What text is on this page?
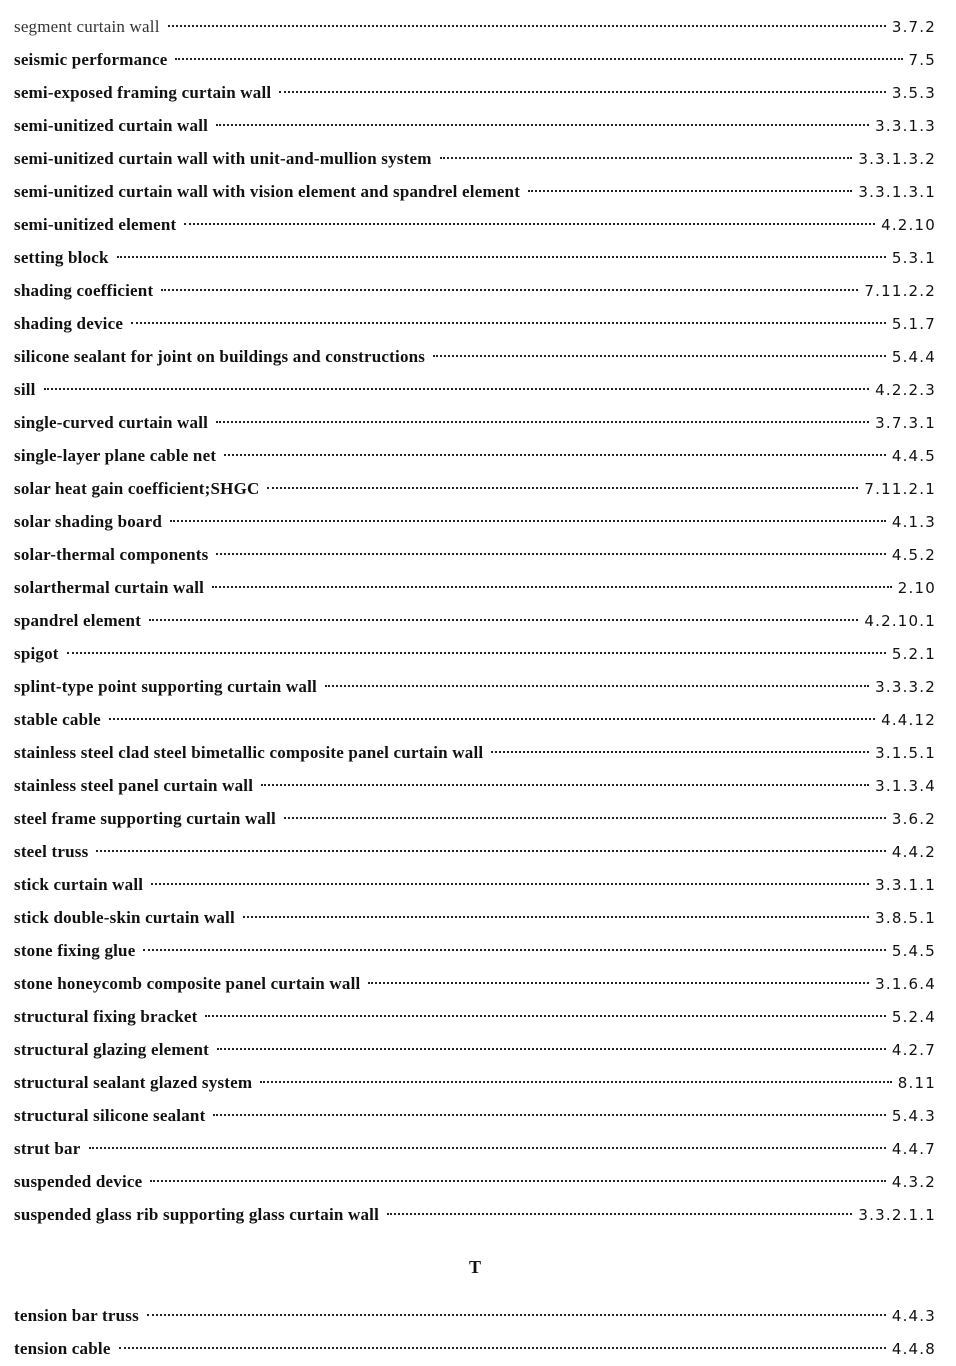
segment curtain wall	3.7.2
seismic performance	7.5
semi-exposed framing curtain wall	3.5.3
semi-unitized curtain wall	3.3.1.3
semi-unitized curtain wall with unit-and-mullion system	3.3.1.3.2
semi-unitized curtain wall with vision element and spandrel element	3.3.1.3.1
semi-unitized element	4.2.10
setting block	5.3.1
shading coefficient	7.11.2.2
shading device	5.1.7
silicone sealant for joint on buildings and constructions	5.4.4
sill	4.2.2.3
single-curved curtain wall	3.7.3.1
single-layer plane cable net	4.4.5
solar heat gain coefficient;SHGC	7.11.2.1
solar shading board	4.1.3
solar-thermal components	4.5.2
solarthermal curtain wall	2.10
spandrel element	4.2.10.1
spigot	5.2.1
splint-type point supporting curtain wall	3.3.3.2
stable cable	4.4.12
stainless steel clad steel bimetallic composite panel curtain wall	3.1.5.1
stainless steel panel curtain wall	3.1.3.4
steel frame supporting curtain wall	3.6.2
steel truss	4.4.2
stick curtain wall	3.3.1.1
stick double-skin curtain wall	3.8.5.1
stone fixing glue	5.4.5
stone honeycomb composite panel curtain wall	3.1.6.4
structural fixing bracket	5.2.4
structural glazing element	4.2.7
structural sealant glazed system	8.11
structural silicone sealant	5.4.3
strut bar	4.4.7
suspended device	4.3.2
suspended glass rib supporting glass curtain wall	3.3.2.1.1
T
tension bar truss	4.4.3
tension cable	4.4.8
